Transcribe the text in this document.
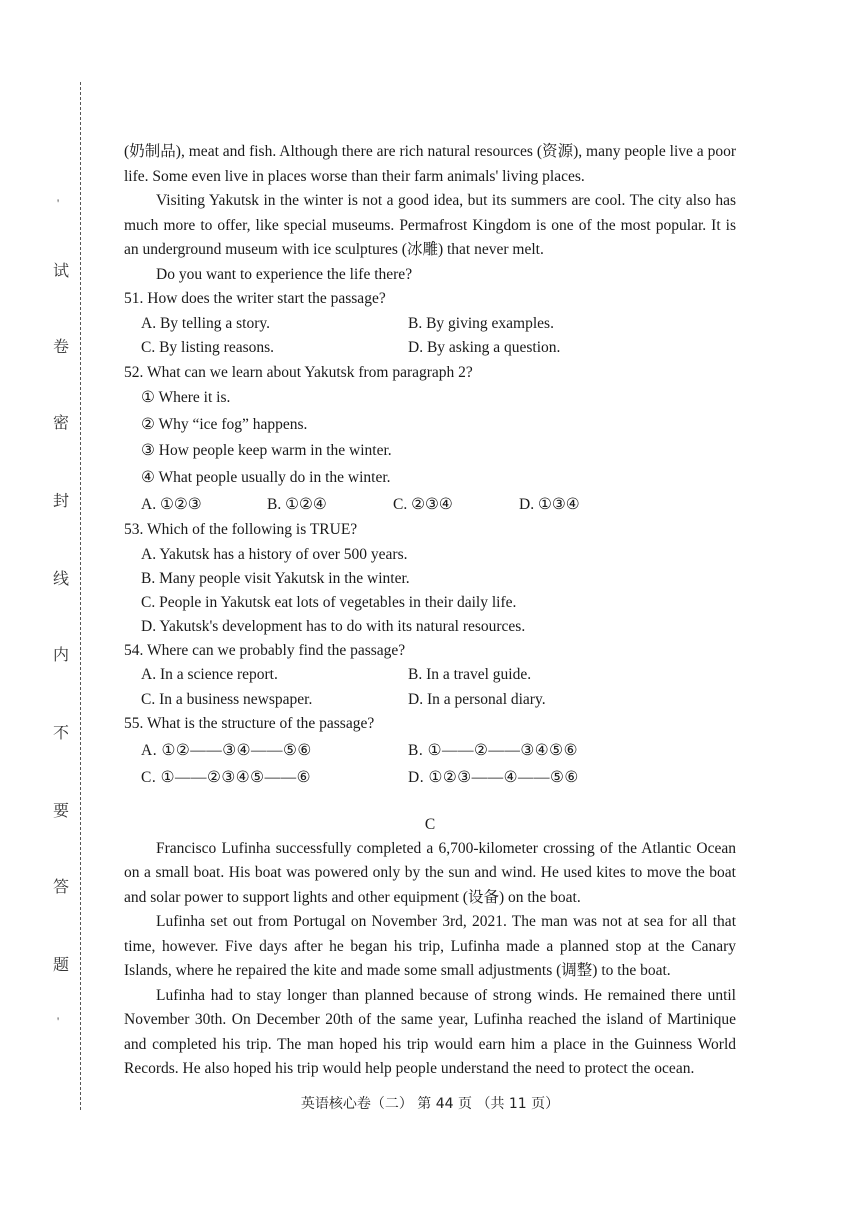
'
试
卷
密
封
线
内
不
要
答
题
'

(奶制品), meat and fish. Although there are rich natural resources (资源), many people live a poor life. Some even live in places worse than their farm animals' living places.

Visiting Yakutsk in the winter is not a good idea, but its summers are cool. The city also has much more to offer, like special museums. Permafrost Kingdom is one of the most popular. It is an underground museum with ice sculptures (冰雕) that never melt.

Do you want to experience the life there?

51. How does the writer start the passage?

A. By telling a story.	B. By giving examples.
C. By listing reasons.	D. By asking a question.

52. What can we learn about Yakutsk from paragraph 2?

① Where it is.
② Why “ice fog” happens.
③ How people keep warm in the winter.
④ What people usually do in the winter.
A. ①②③	B. ①②④	C. ②③④	D. ①③④

53. Which of the following is TRUE?

A. Yakutsk has a history of over 500 years.
B. Many people visit Yakutsk in the winter.
C. People in Yakutsk eat lots of vegetables in their daily life.
D. Yakutsk's development has to do with its natural resources.

54. Where can we probably find the passage?

A. In a science report.	B. In a travel guide.
C. In a business newspaper.	D. In a personal diary.

55. What is the structure of the passage?

A. ①②——③④——⑤⑥	B. ①——②——③④⑤⑥
C. ①——②③④⑤——⑥	D. ①②③——④——⑤⑥
C

Francisco Lufinha successfully completed a 6,700-kilometer crossing of the Atlantic Ocean on a small boat. His boat was powered only by the sun and wind. He used kites to move the boat and solar power to support lights and other equipment (设备) on the boat.

Lufinha set out from Portugal on November 3rd, 2021. The man was not at sea for all that time, however. Five days after he began his trip, Lufinha made a planned stop at the Canary Islands, where he repaired the kite and made some small adjustments (调整) to the boat.

Lufinha had to stay longer than planned because of strong winds. He remained there until November 30th. On December 20th of the same year, Lufinha reached the island of Martinique and completed his trip. The man hoped his trip would earn him a place in the Guinness World Records. He also hoped his trip would help people understand the need to protect the ocean.

英语核心卷（二） 第 44 页 （共 11 页）
